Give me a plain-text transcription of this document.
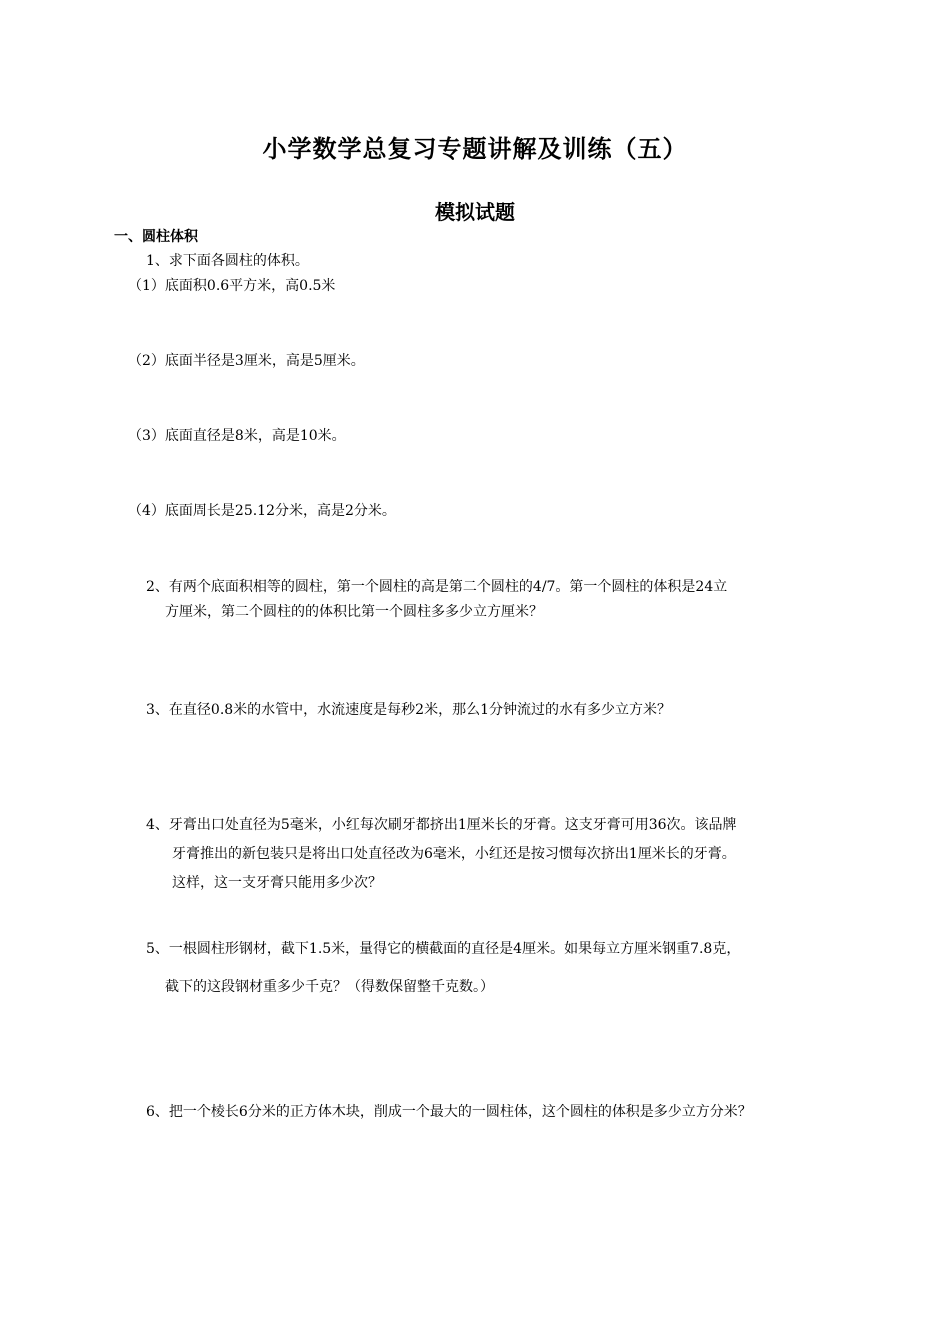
小学数学总复习专题讲解及训练（五）
模拟试题
一、圆柱体积
1、求下面各圆柱的体积。
（1）底面积0.6平方米，高0.5米
（2）底面半径是3厘米，高是5厘米。
（3）底面直径是8米，高是10米。
（4）底面周长是25.12分米，高是2分米。
2、有两个底面积相等的圆柱，第一个圆柱的高是第二个圆柱的4/7。第一个圆柱的体积是24立
方厘米，第二个圆柱的的体积比第一个圆柱多多少立方厘米？
3、在直径0.8米的水管中，水流速度是每秒2米，那么1分钟流过的水有多少立方米？
4、牙膏出口处直径为5毫米，小红每次刷牙都挤出1厘米长的牙膏。这支牙膏可用36次。该品牌
牙膏推出的新包装只是将出口处直径改为6毫米，小红还是按习惯每次挤出1厘米长的牙膏。
这样，这一支牙膏只能用多少次？
5、一根圆柱形钢材，截下1.5米，量得它的横截面的直径是4厘米。如果每立方厘米钢重7.8克，
截下的这段钢材重多少千克？（得数保留整千克数。）
6、把一个棱长6分米的正方体木块，削成一个最大的一圆柱体，这个圆柱的体积是多少立方分米？
